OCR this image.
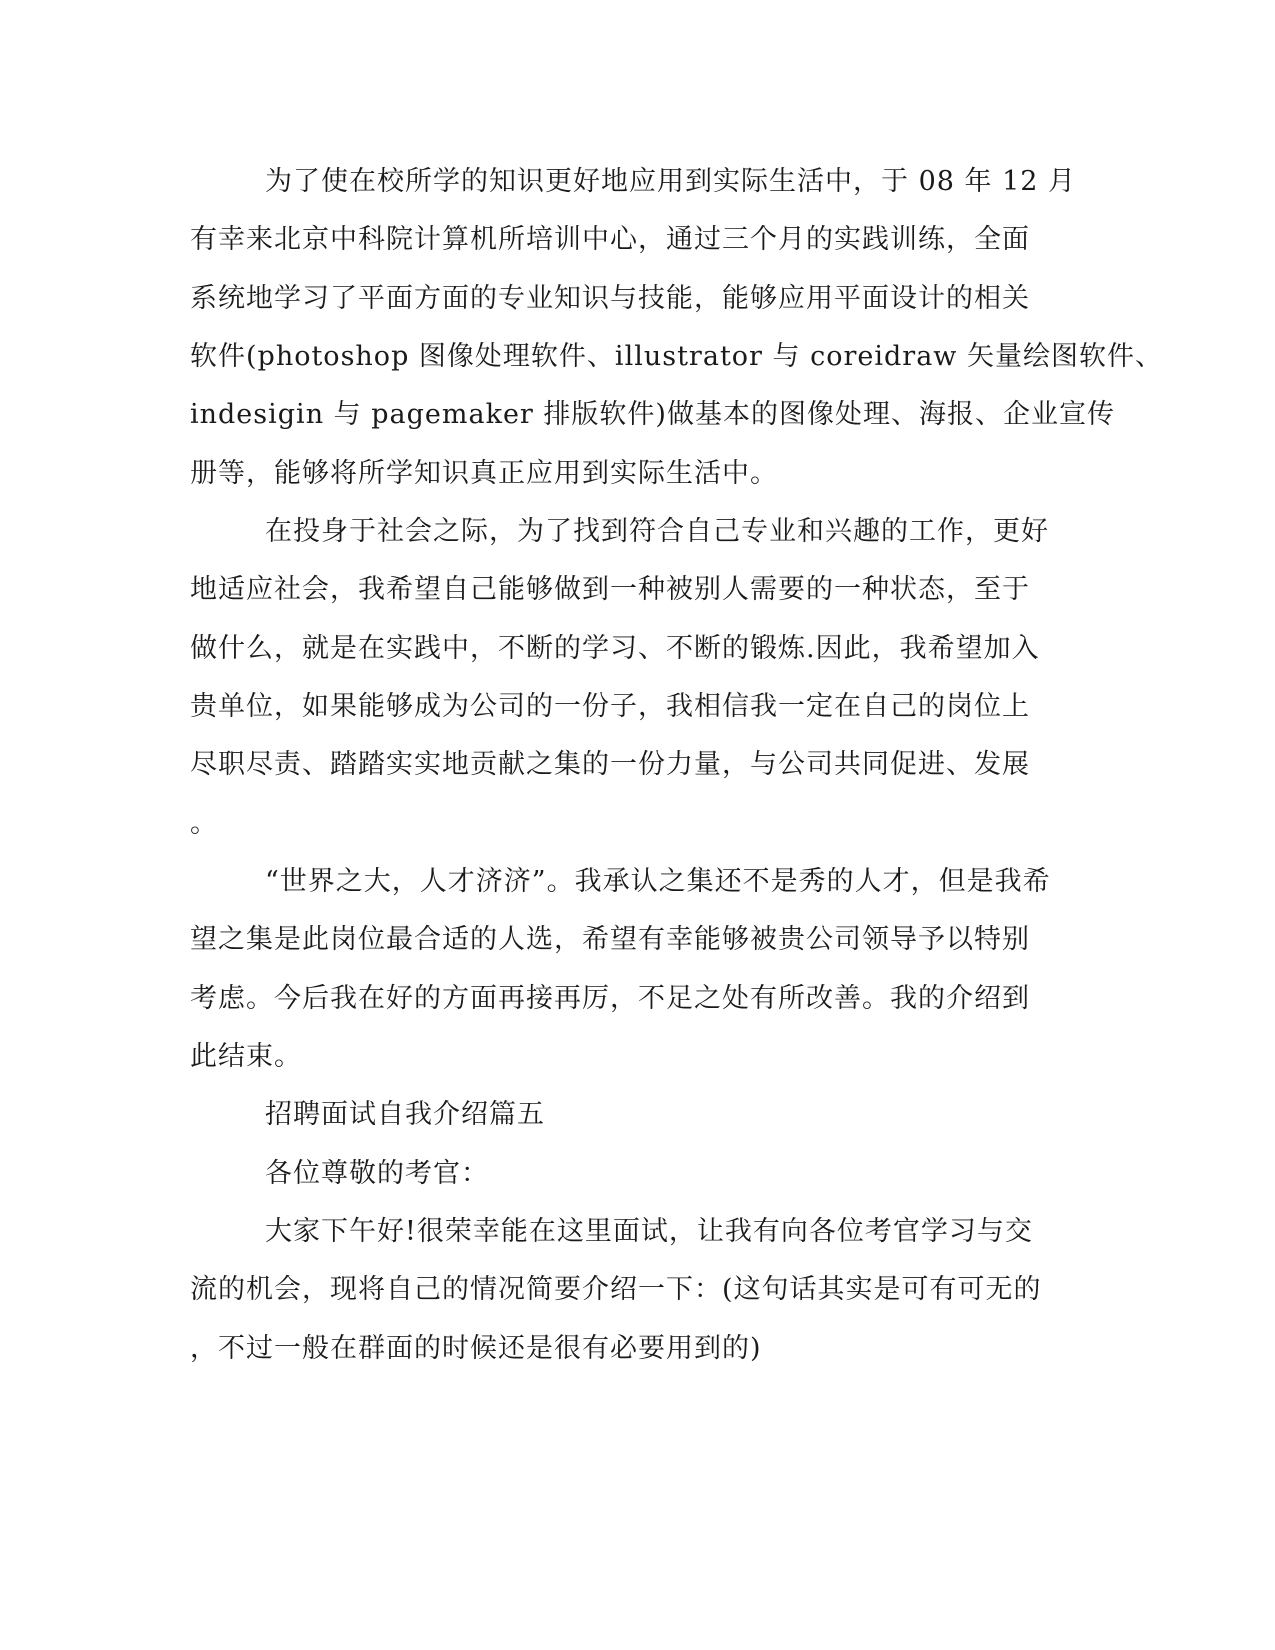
为了使在校所学的知识更好地应用到实际生活中，于 08 年 12 月

有幸来北京中科院计算机所培训中心，通过三个月的实践训练，全面

系统地学习了平面方面的专业知识与技能，能够应用平面设计的相关

软件(photoshop 图像处理软件、illustrator 与 coreidraw 矢量绘图软件、

indesigin 与 pagemaker 排版软件)做基本的图像处理、海报、企业宣传

册等，能够将所学知识真正应用到实际生活中。

在投身于社会之际，为了找到符合自己专业和兴趣的工作，更好

地适应社会，我希望自己能够做到一种被别人需要的一种状态，至于

做什么，就是在实践中，不断的学习、不断的锻炼.因此，我希望加入

贵单位，如果能够成为公司的一份子，我相信我一定在自己的岗位上

尽职尽责、踏踏实实地贡献之集的一份力量，与公司共同促进、发展

。

“世界之大，人才济济”。我承认之集还不是秀的人才，但是我希

望之集是此岗位最合适的人选，希望有幸能够被贵公司领导予以特别

考虑。今后我在好的方面再接再厉，不足之处有所改善。我的介绍到

此结束。

招聘面试自我介绍篇五

各位尊敬的考官：

大家下午好!很荣幸能在这里面试，让我有向各位考官学习与交

流的机会，现将自己的情况简要介绍一下：(这句话其实是可有可无的

，不过一般在群面的时候还是很有必要用到的)
